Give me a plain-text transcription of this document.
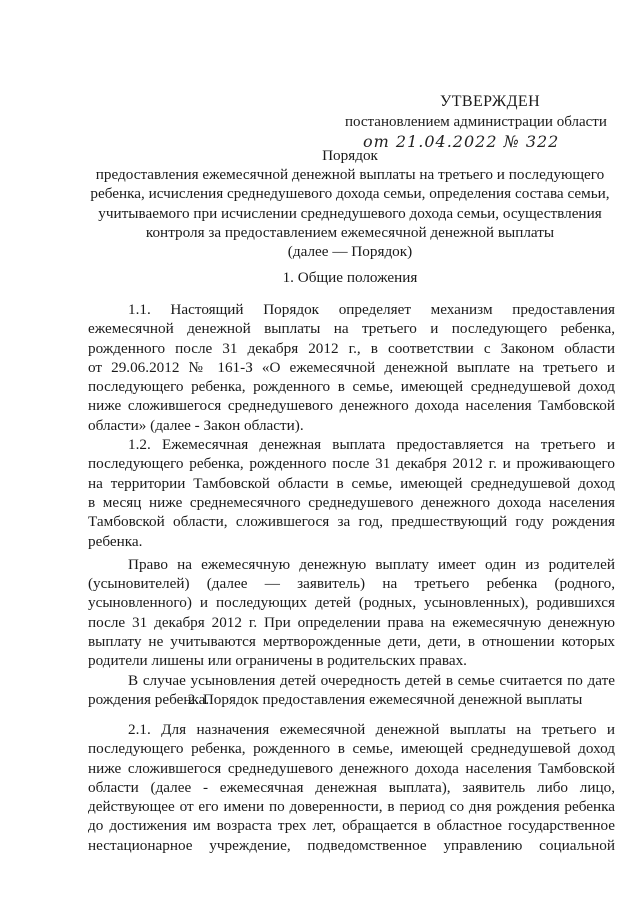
УТВЕРЖДЕН
постановлением администрации области
от 21.04.2022 № 322
Порядок
предоставления ежемесячной денежной выплаты на третьего и последующего
ребенка, исчисления среднедушевого дохода семьи, определения состава семьи,
учитываемого при исчислении среднедушевого дохода семьи, осуществления
контроля за предоставлением ежемесячной денежной выплаты
(далее — Порядок)
1. Общие положения
1.1. Настоящий Порядок определяет механизм предоставления
ежемесячной денежной выплаты на третьего и последующего ребенка,
рожденного после 31 декабря 2012 г., в соответствии с Законом области
от 29.06.2012 № 161-З «О ежемесячной денежной выплате на третьего и
последующего ребенка, рожденного в семье, имеющей среднедушевой доход
ниже сложившегося среднедушевого денежного дохода населения Тамбовской
области» (далее - Закон области).
1.2. Ежемесячная денежная выплата предоставляется на третьего и
последующего ребенка, рожденного после 31 декабря 2012 г. и проживающего
на территории Тамбовской области в семье, имеющей среднедушевой доход
в месяц ниже среднемесячного среднедушевого денежного дохода населения
Тамбовской области, сложившегося за год, предшествующий году рождения
ребенка.
Право на ежемесячную денежную выплату имеет один из родителей
(усыновителей) (далее — заявитель) на третьего ребенка (родного,
усыновленного) и последующих детей (родных, усыновленных), родившихся
после 31 декабря 2012 г. При определении права на ежемесячную денежную
выплату не учитываются мертворожденные дети, дети, в отношении которых
родители лишены или ограничены в родительских правах.
В случае усыновления детей очередность детей в семье считается по дате
рождения ребенка.
2. Порядок предоставления ежемесячной денежной выплаты
2.1. Для назначения ежемесячной денежной выплаты на третьего и
последующего ребенка, рожденного в семье, имеющей среднедушевой доход
ниже сложившегося среднедушевого денежного дохода населения Тамбовской
области (далее - ежемесячная денежная выплата), заявитель либо лицо,
действующее от его имени по доверенности, в период со дня рождения ребенка
до достижения им возраста трех лет, обращается в областное государственное
нестационарное учреждение, подведомственное управлению социальной
